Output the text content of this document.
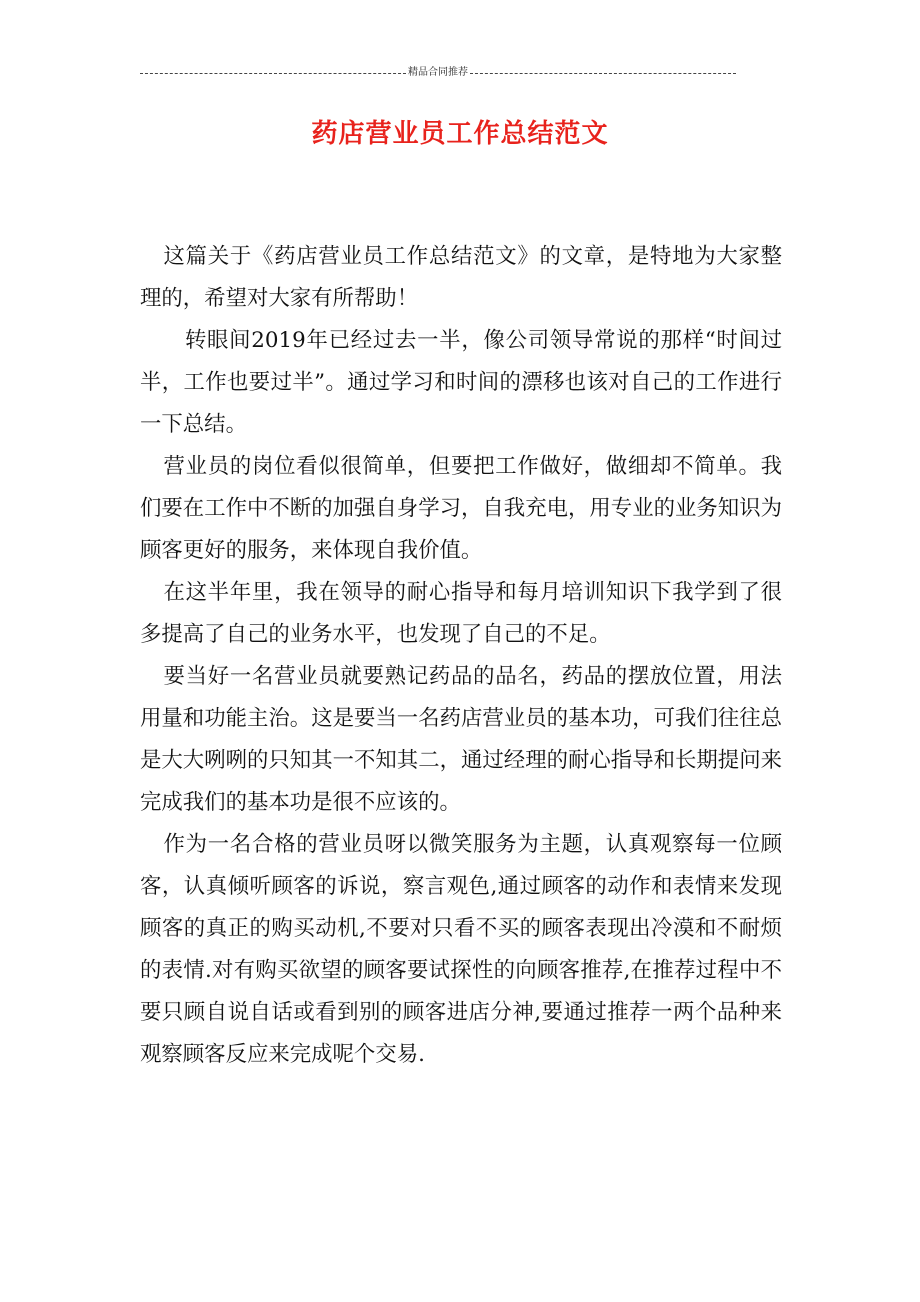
精品合同推荐
药店营业员工作总结范文

这篇关于《药店营业员工作总结范文》的文章，是特地为大家整理的，希望对大家有所帮助！

转眼间2019年已经过去一半，像公司领导常说的那样“时间过半，工作也要过半”。通过学习和时间的漂移也该对自己的工作进行一下总结。

营业员的岗位看似很简单，但要把工作做好，做细却不简单。我们要在工作中不断的加强自身学习，自我充电，用专业的业务知识为顾客更好的服务，来体现自我价值。

在这半年里，我在领导的耐心指导和每月培训知识下我学到了很多提高了自己的业务水平，也发现了自己的不足。

要当好一名营业员就要熟记药品的品名，药品的摆放位置，用法用量和功能主治。这是要当一名药店营业员的基本功，可我们往往总是大大咧咧的只知其一不知其二，通过经理的耐心指导和长期提问来完成我们的基本功是很不应该的。

作为一名合格的营业员呀以微笑服务为主题，认真观察每一位顾客，认真倾听顾客的诉说，察言观色,通过顾客的动作和表情来发现顾客的真正的购买动机,不要对只看不买的顾客表现出冷漠和不耐烦的表情.对有购买欲望的顾客要试探性的向顾客推荐,在推荐过程中不要只顾自说自话或看到别的顾客进店分神,要通过推荐一两个品种来观察顾客反应来完成呢个交易.
